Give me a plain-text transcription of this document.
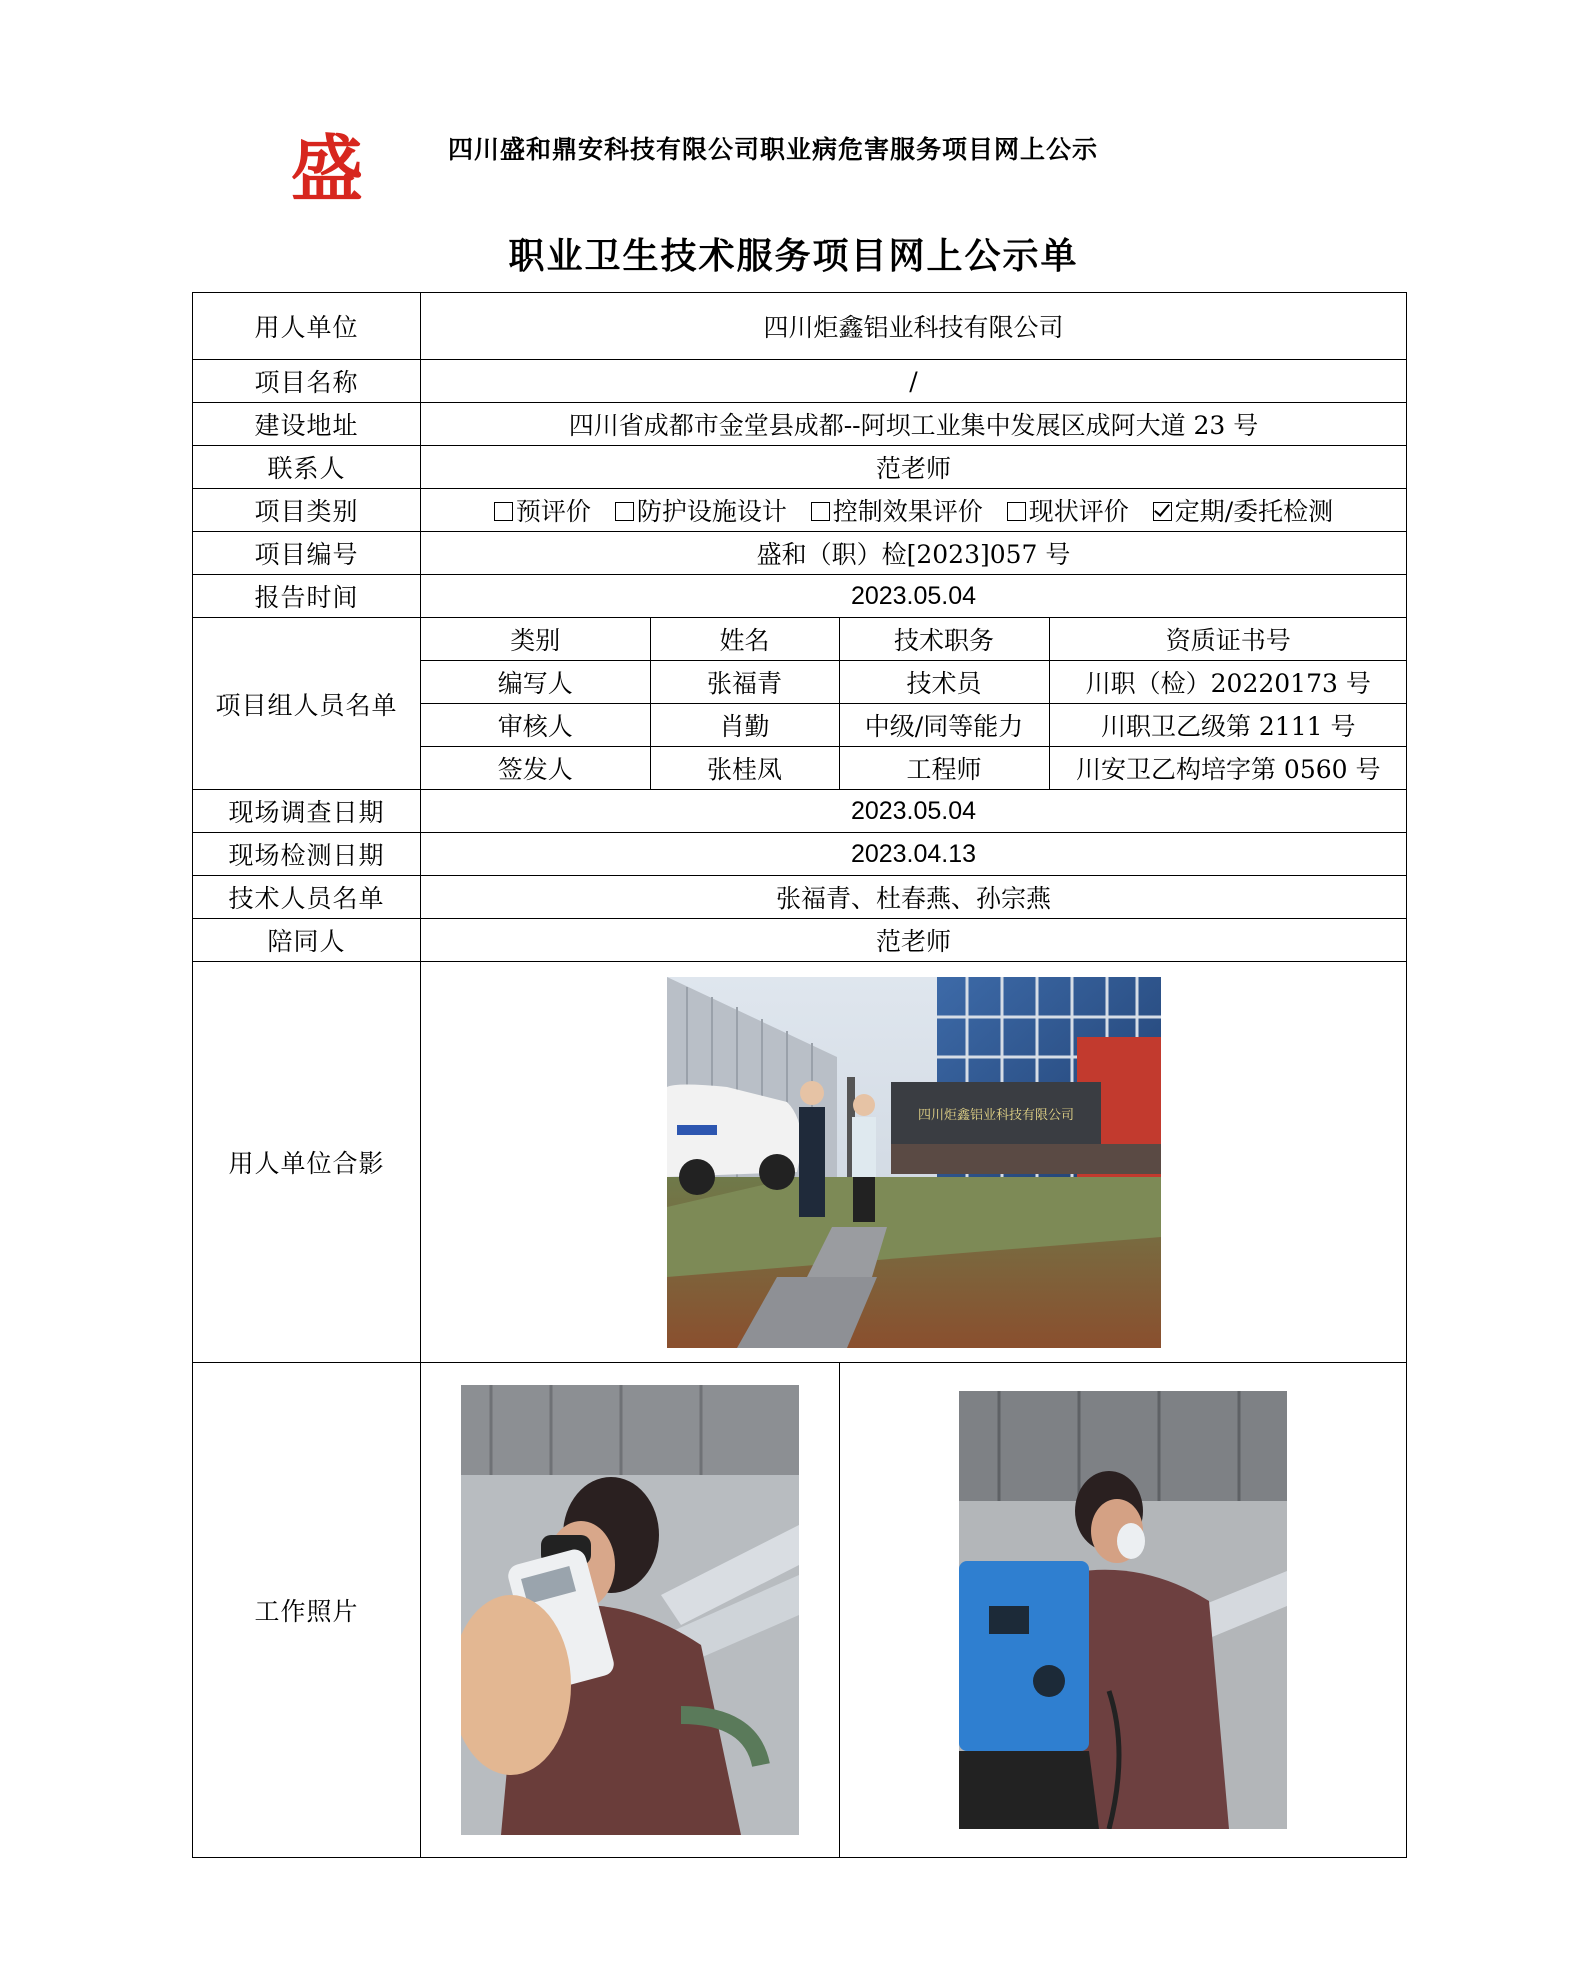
盛	四川盛和鼎安科技有限公司职业病危害服务项目网上公示
职业卫生技术服务项目网上公示单
用人单位	四川炬鑫铝业科技有限公司
项目名称	/
建设地址	四川省成都市金堂县成都--阿坝工业集中发展区成阿大道 23 号
联系人	范老师
项目类别	预评价 防护设施设计 控制效果评价 现状评价 定期/委托检测
项目编号	盛和（职）检[2023]057 号
报告时间	2023.05.04
项目组人员名单	
类别	姓名	技术职务	资质证书号
编写人	张福青	技术员	川职（检）20220173 号
审核人	肖勤	中级/同等能力	川职卫乙级第 2111 号
签发人	张桂凤	工程师	川安卫乙构培字第 0560 号

现场调查日期	2023.05.04
现场检测日期	2023.04.13
技术人员名单	张福青、杜春燕、孙宗燕
陪同人	范老师
用人单位合影	
四川炬鑫铝业科技有限公司

工作照片	
